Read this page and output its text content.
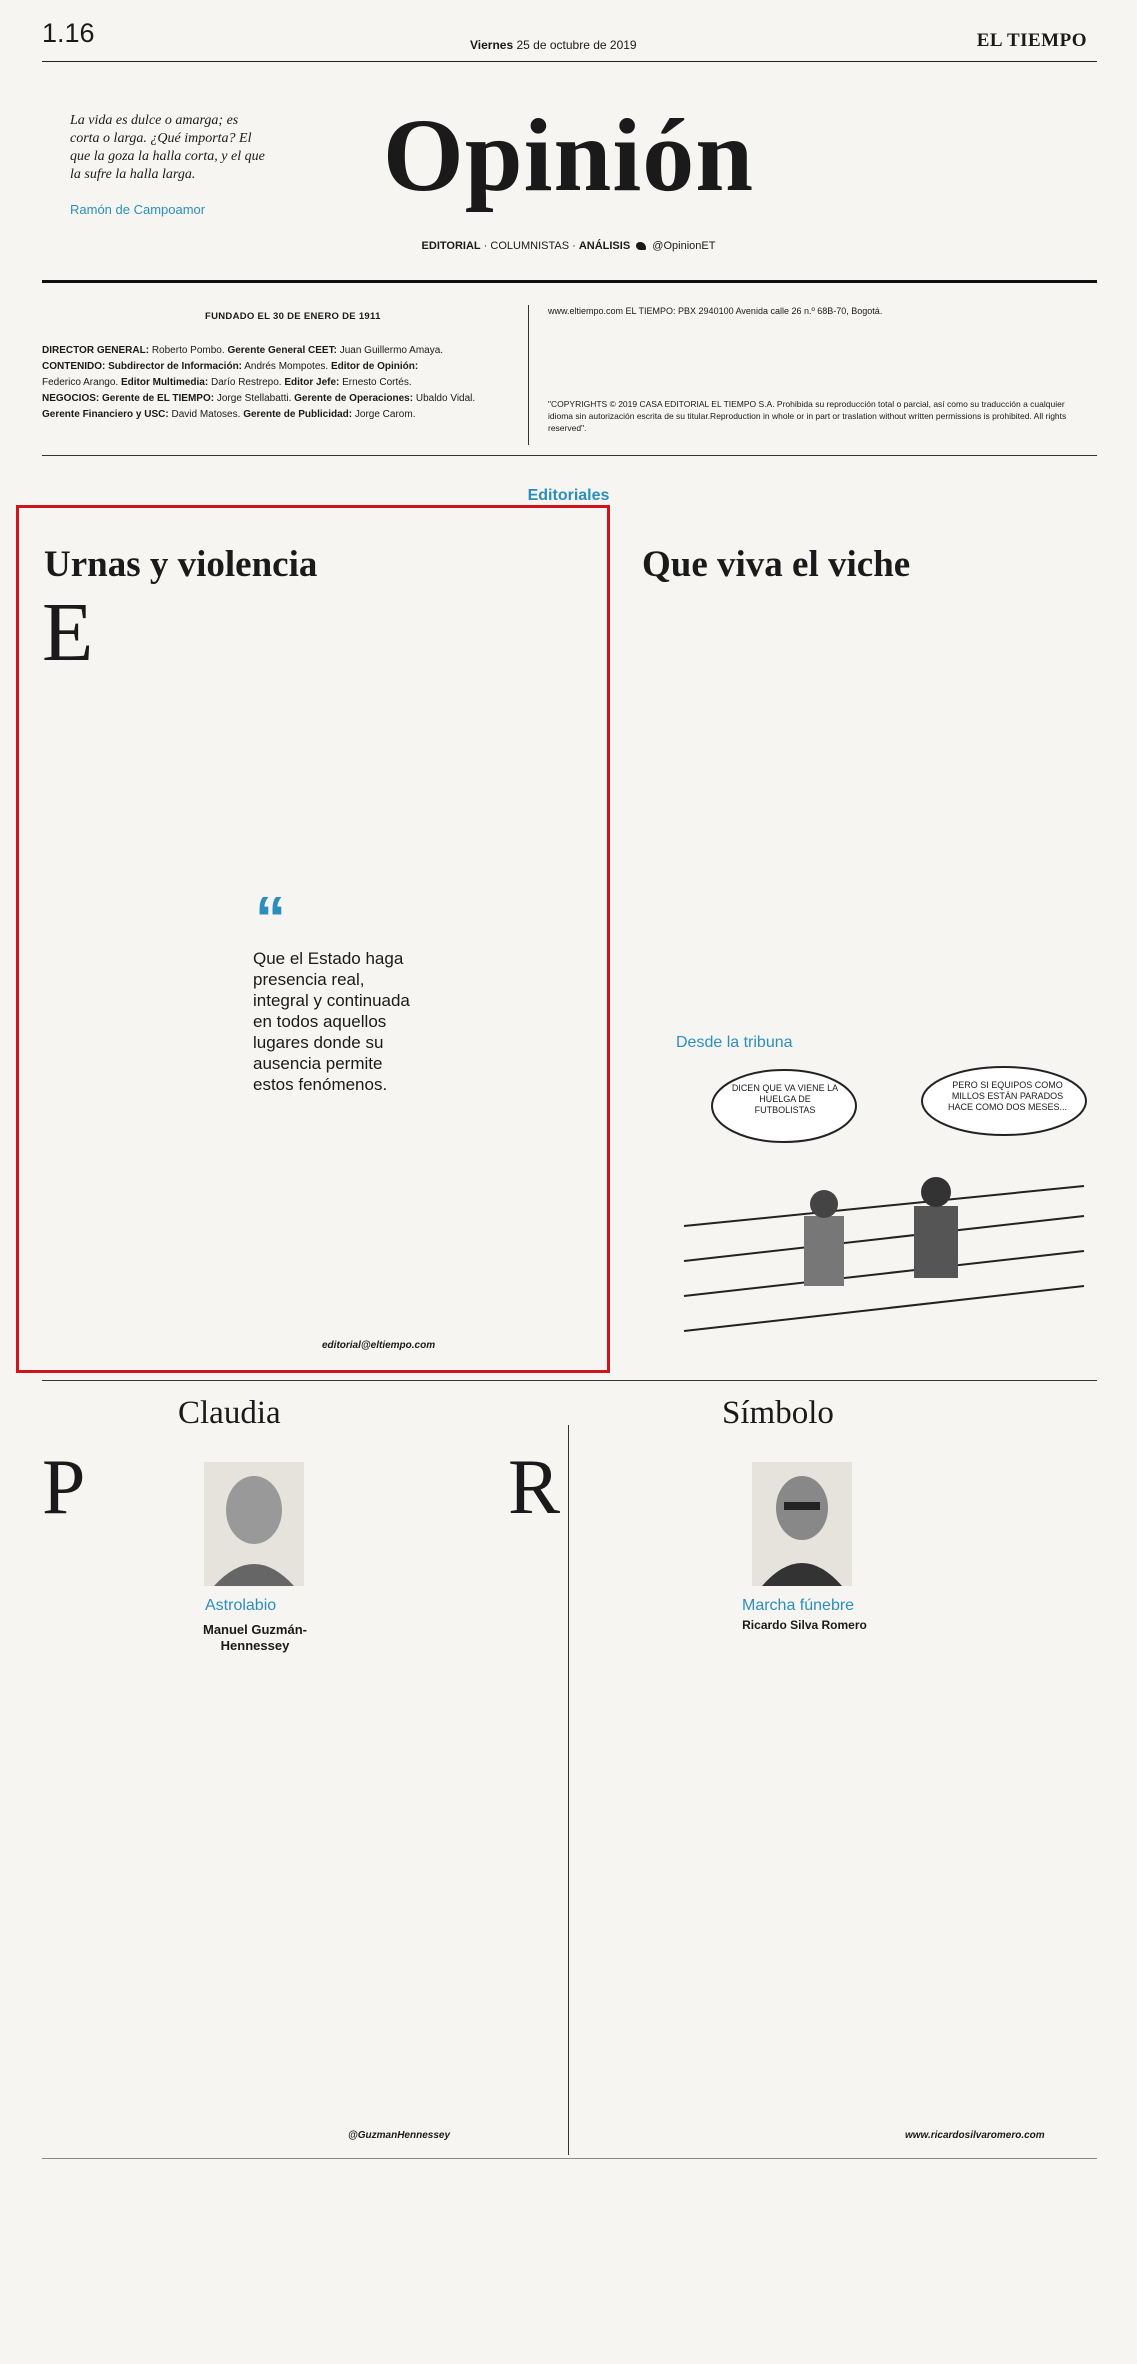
1.16	Viernes 25 de octubre de 2019	EL TIEMPO
La vida es dulce o amarga; es corta o larga. ¿Qué importa? El que la goza la halla corta, y el que la sufre la halla larga.
Ramón de Campoamor	Opinión
EDITORIAL · COLUMNISTAS · ANÁLISIS @OpinionET
FUNDADO EL 30 DE ENERO DE 1911
DIRECTOR GENERAL: Roberto Pombo. Gerente General CEET: Juan Guillermo Amaya.
CONTENIDO: Subdirector de Información: Andrés Mompotes. Editor de Opinión:
Federico Arango. Editor Multimedia: Darío Restrepo. Editor Jefe: Ernesto Cortés.
NEGOCIOS: Gerente de EL TIEMPO: Jorge Stellabatti. Gerente de Operaciones: Ubaldo Vidal.
Gerente Financiero y USC: David Matoses. Gerente de Publicidad: Jorge Carom.
www.eltiempo.com EL TIEMPO: PBX 2940100 Avenida calle 26 n.º 68B-70, Bogotá.
"COPYRIGHTS © 2019 CASA EDITORIAL EL TIEMPO S.A. Prohibida su reproducción total o parcial, así como su traducción a cualquier idioma sin autorización escrita de su titular.Reproduction in whole or in part or traslation without written permissions is prohibited. All rights reserved".
Editoriales
Urnas y violencia
E
“
Que el Estado haga presencia real, integral y continuada en todos aquellos lugares donde su ausencia permite estos fenómenos.
editorial@eltiempo.com
Que viva el viche
Desde la tribuna
DICEN QUE VA VIENE LA HUELGA DE FUTBOLISTAS
PERO SI EQUIPOS COMO MILLOS ESTÁN PARADOS HACE COMO DOS MESES...
Claudia	Símbolo
P	R
Astrolabio	Marcha fúnebre
Manuel Guzmán-Hennessey
Ricardo Silva Romero
@GuzmanHennessey	www.ricardosilvaromero.com
